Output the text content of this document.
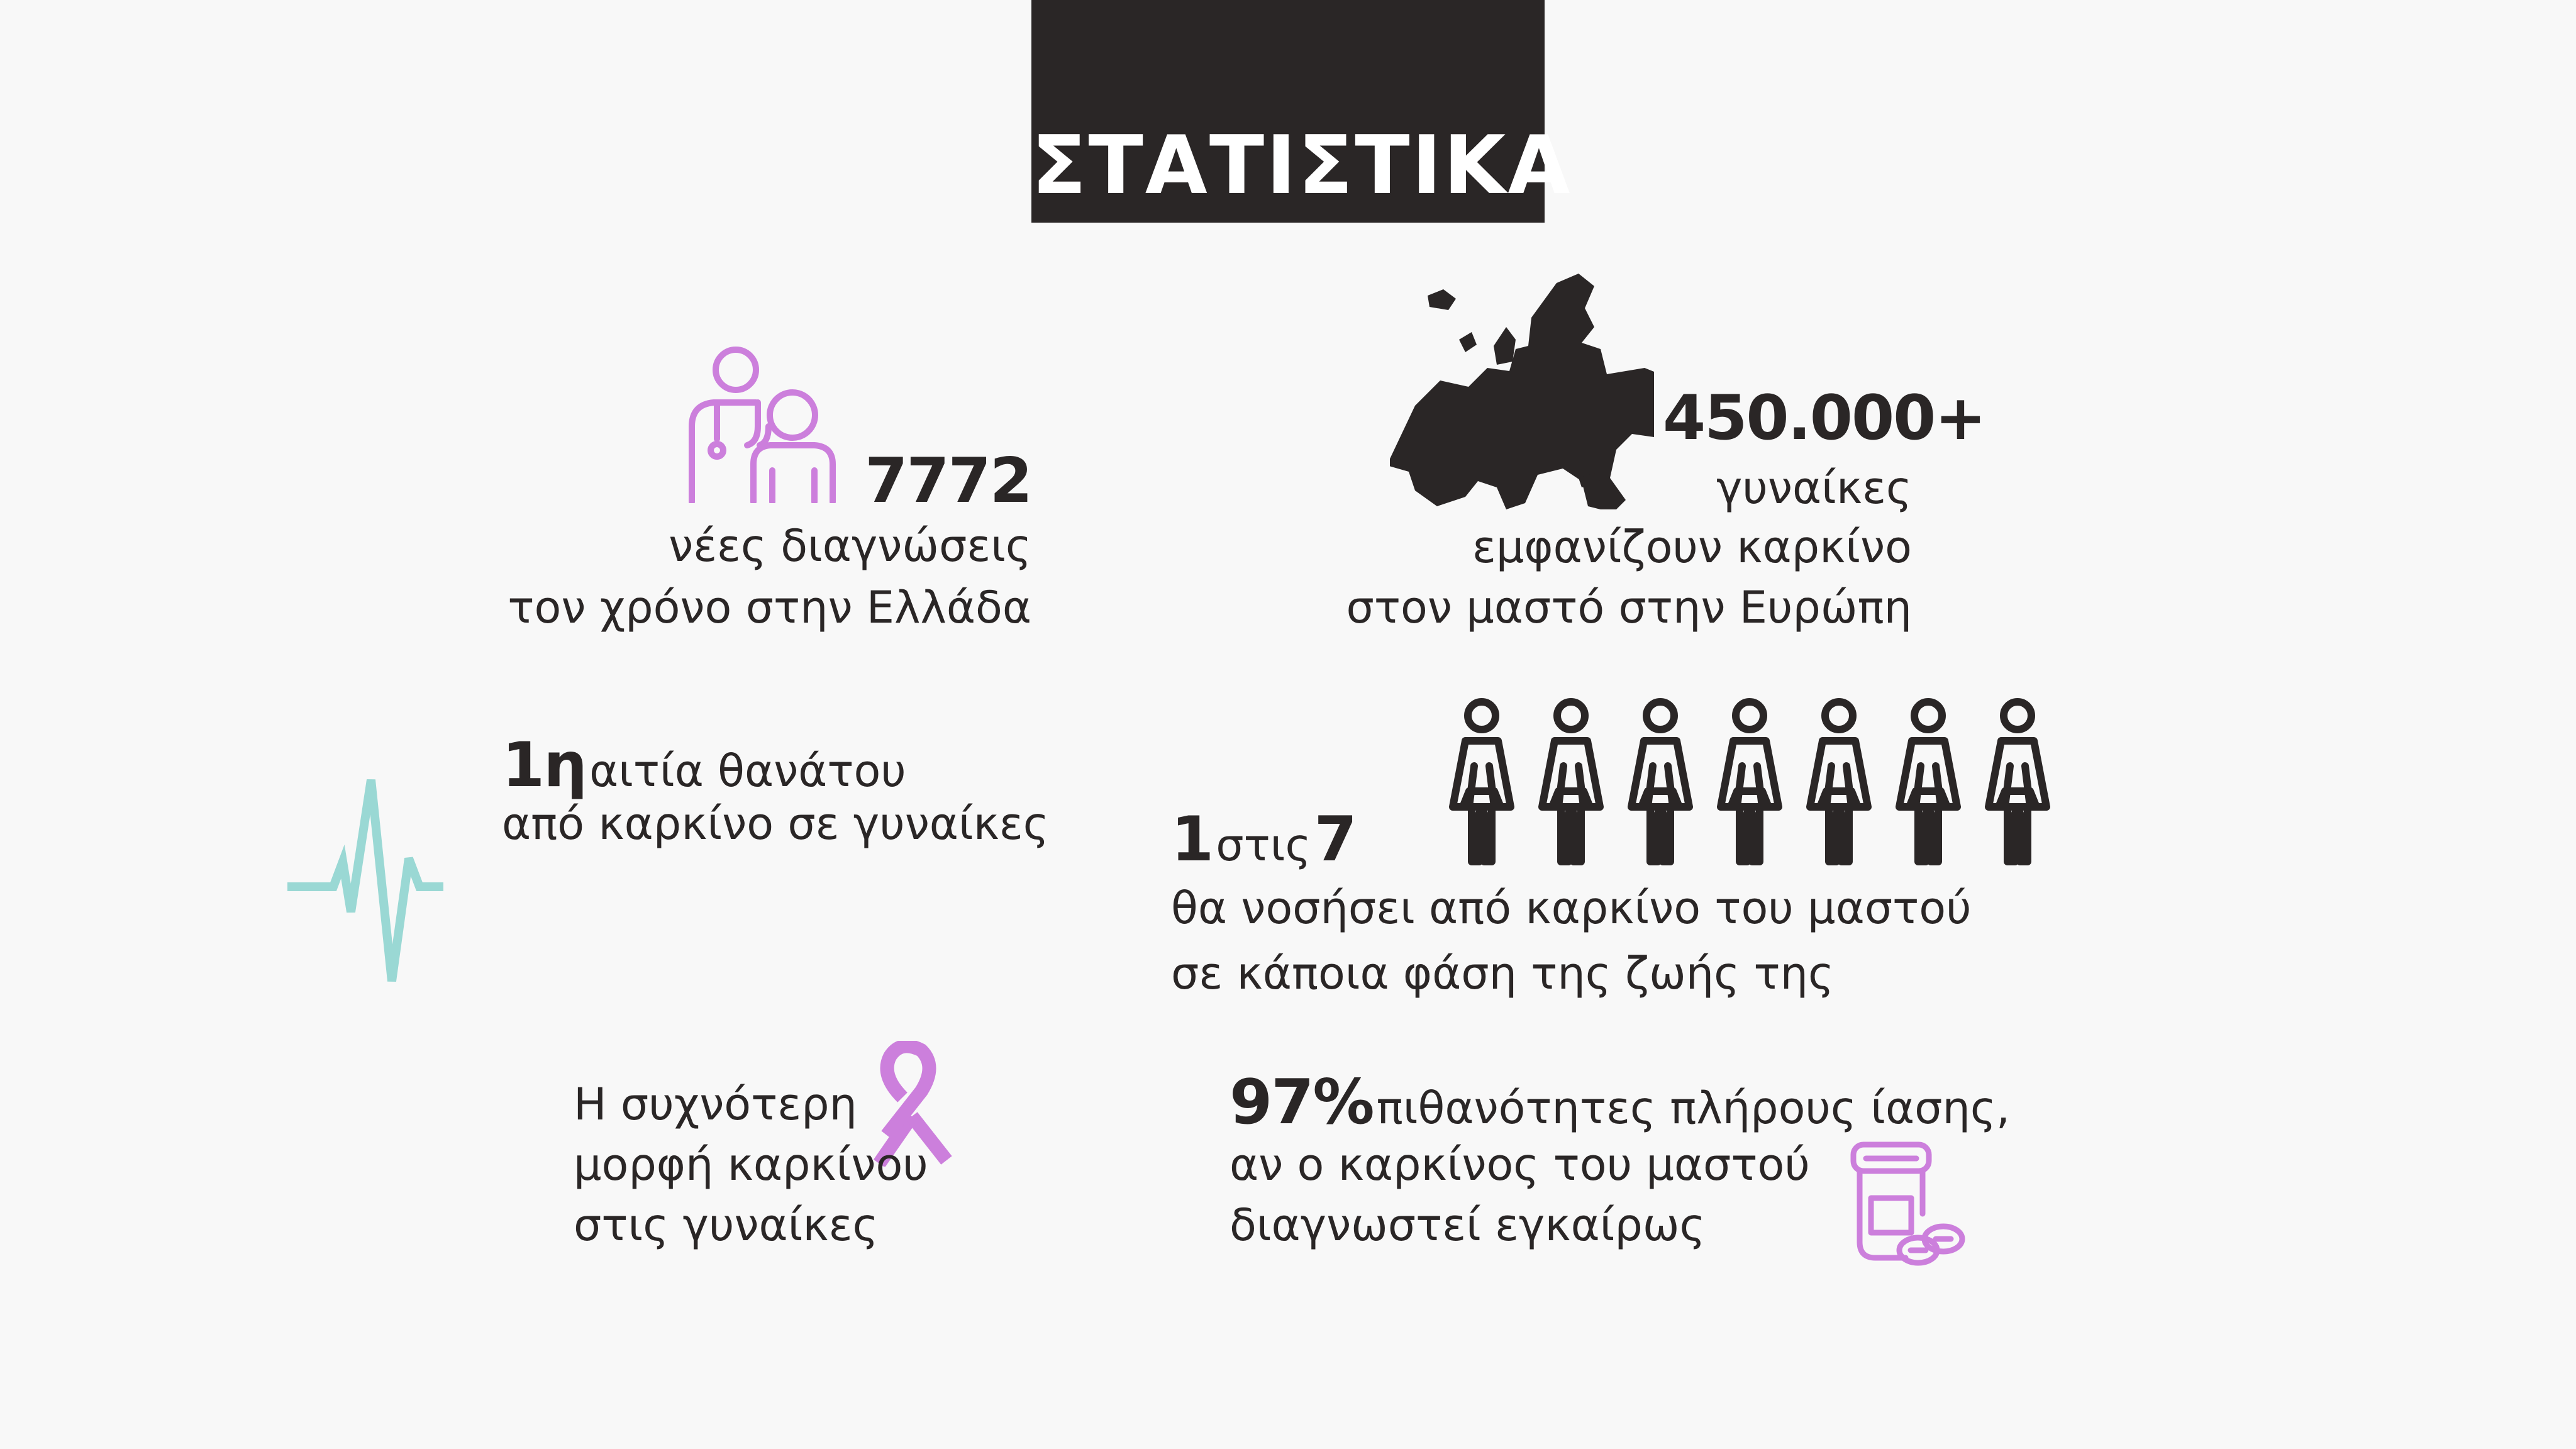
ΣΤΑΤΙΣΤΙΚΑ
7772
νέες διαγνώσεις
τον χρόνο στην Ελλάδα
450.000+
γυναίκες
εμφανίζουν καρκίνο
στον μαστό στην Ευρώπη
1η αιτία θανάτου
από καρκίνο σε γυναίκες 1 στις 7
θα νοσήσει από καρκίνο του μαστού
σε κάποια φάση της ζωής της
Η συχνότερη
μορφή καρκίνου
στις γυναίκες
97% πιθανότητες πλήρους ίασης,
αν ο καρκίνος του μαστού
διαγνωστεί εγκαίρως
